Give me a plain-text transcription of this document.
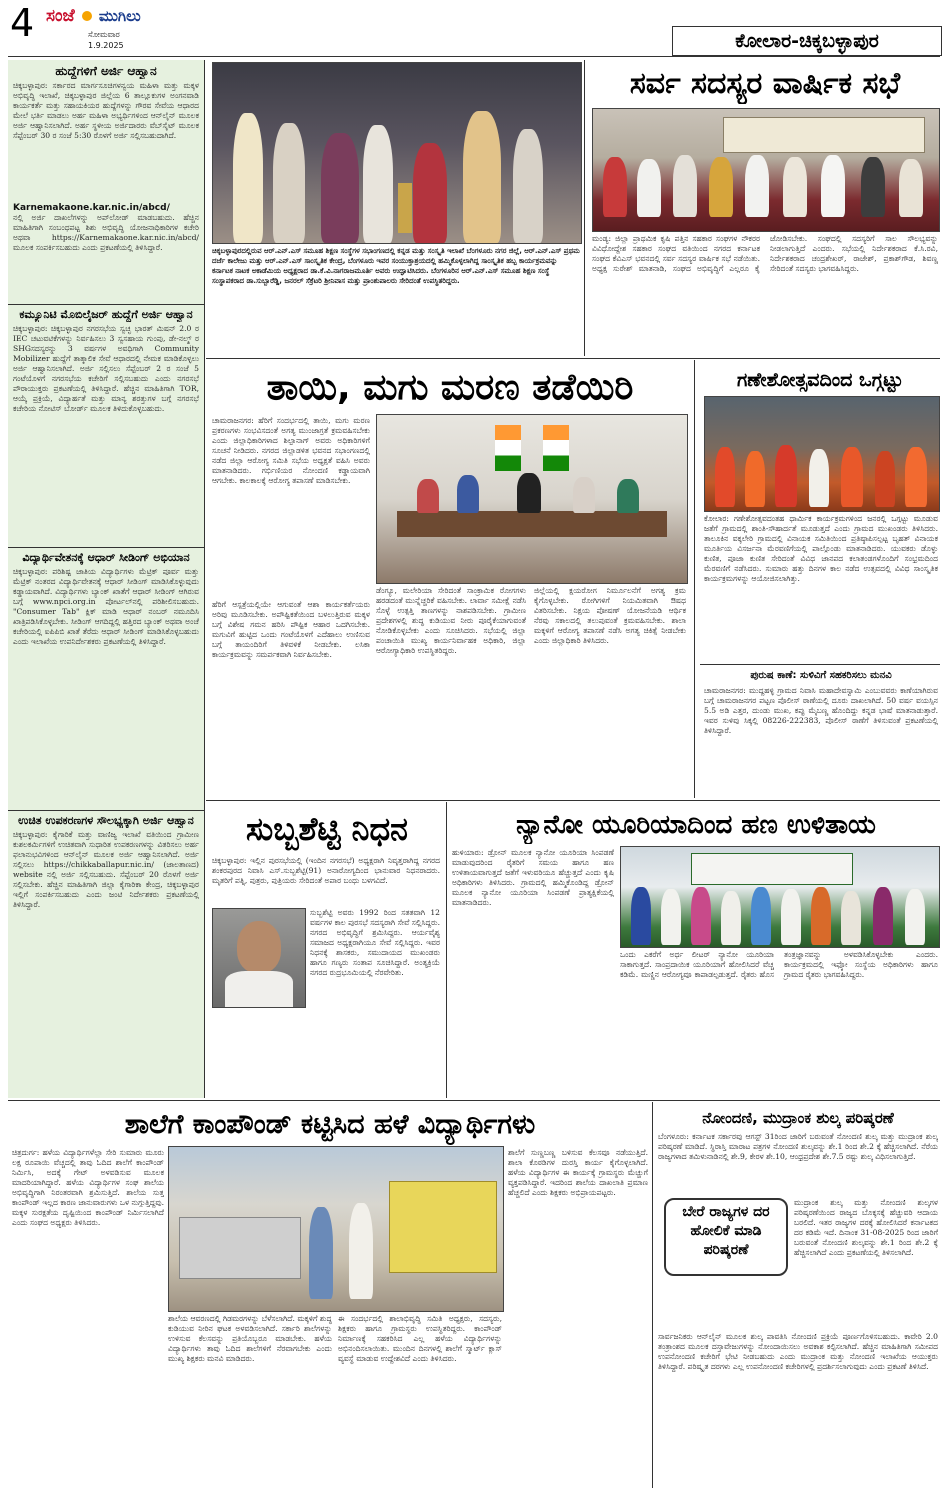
4 ಸಂಜೆ ಮುಗಿಲು
ಸೋಮವಾರ
1.9.2025	ಕೋಲಾರ-ಚಿಕ್ಕಬಳ್ಳಾಪುರ
ಹುದ್ದೆಗಳಿಗೆ ಅರ್ಜಿ ಆಹ್ವಾನ
ಚಿಕ್ಕಬಳ್ಳಾಪುರ: ಸರ್ಕಾರದ ಮಾರ್ಗಸೂಚಿಗಳನ್ವಯ ಮಹಿಳಾ ಮತ್ತು ಮಕ್ಕಳ ಅಭಿವೃದ್ಧಿ ಇಲಾಖೆ, ಚಿಕ್ಕಬಳ್ಳಾಪುರ ಜಿಲ್ಲೆಯ 6 ತಾಲ್ಲೂಕುಗಳ ಅಂಗನವಾಡಿ ಕಾರ್ಯಕರ್ತೆ ಮತ್ತು ಸಹಾಯಕಿಯರ ಹುದ್ದೆಗಳನ್ನು ಗೌರವ ಸೇವೆಯ ಆಧಾರದ ಮೇಲೆ ಭರ್ತಿ ಮಾಡಲು ಅರ್ಹ ಮಹಿಳಾ ಅಭ್ಯರ್ಥಿಗಳಿಂದ ಆನ್‌ಲೈನ್ ಮೂಲಕ ಅರ್ಜಿ ಆಹ್ವಾನಿಸಲಾಗಿದೆ. ಅರ್ಹ ಸ್ಥಳೀಯ ಅರ್ಜಿದಾರರು ವೆಬ್‌ಸೈಟ್ ಮೂಲಕ ಸೆಪ್ಟೆಂಬರ್ 30 ರ ಸಂಜೆ 5:30 ರೊಳಗೆ ಅರ್ಜಿ ಸಲ್ಲಿಸಬಹುದಾಗಿದೆ.
Karnemakaone.kar.nic.in/abcd/
ನಲ್ಲಿ ಅರ್ಜಿ ದಾಖಲೆಗಳನ್ನು ಅಪ್‌ಲೋಡ್ ಮಾಡಬಹುದು. ಹೆಚ್ಚಿನ ಮಾಹಿತಿಗಾಗಿ ಸಂಬಂಧಪಟ್ಟ ಶಿಶು ಅಭಿವೃದ್ಧಿ ಯೋಜನಾಧಿಕಾರಿಗಳ ಕಚೇರಿ ಅಥವಾ https://Karnemakaone.kar.nic.in/abcd/ ಮೂಲಕ ಸಂಪರ್ಕಿಸಬಹುದು ಎಂದು ಪ್ರಕಟಣೆಯಲ್ಲಿ ತಿಳಿಸಿದ್ದಾರೆ.
ಕಮ್ಯೂನಿಟಿ ಮೊಬಿಲೈಜರ್ ಹುದ್ದೆಗೆ ಅರ್ಜಿ ಆಹ್ವಾನ
ಚಿಕ್ಕಬಳ್ಳಾಪುರ: ಚಿಕ್ಕಬಳ್ಳಾಪುರ ನಗರಸಭೆಯ ಸ್ವಚ್ಛ ಭಾರತ್ ಮಿಷನ್ 2.0 ರ IEC ಚಟುವಟಿಕೆಗಳನ್ನು ನಿರ್ವಹಿಸಲು 3 ಸ್ವಸಹಾಯ ಗುಂಪು, ಡೇ-ನಲ್ಮ್ ರ SHGಸದಸ್ಯರನ್ನು 3 ವರ್ಷಗಳ ಅವಧಿಗಾಗಿ Community Mobilizer ಹುದ್ದೆಗೆ ತಾತ್ಕಾಲಿಕ ಸೇವೆ ಆಧಾರದಲ್ಲಿ ನೇಮಕ ಮಾಡಿಕೊಳ್ಳಲು ಅರ್ಜಿ ಆಹ್ವಾನಿಸಲಾಗಿದೆ. ಅರ್ಜಿ ಸಲ್ಲಿಸಲು ಸೆಪ್ಟೆಂಬರ್ 2 ರ ಸಂಜೆ 5 ಗಂಟೆಯೊಳಗೆ ನಗರಸಭೆಯ ಕಚೇರಿಗೆ ಸಲ್ಲಿಸಬಹುದು ಎಂದು ನಗರಸಭೆ ಪೌರಾಯುಕ್ತರು ಪ್ರಕಟಣೆಯಲ್ಲಿ ತಿಳಿಸಿದ್ದಾರೆ. ಹೆಚ್ಚಿನ ಮಾಹಿತಿಗಾಗಿ TOR, ಆಯ್ಕೆ ಪ್ರಕ್ರಿಯೆ, ವಿದ್ಯಾರ್ಹತೆ ಮತ್ತು ಮಾನ್ಯ ಶರತ್ತುಗಳ ಬಗ್ಗೆ ನಗರಸಭೆ ಕಚೇರಿಯ ನೋಟಿಸ್ ಬೋರ್ಡ್ ಮೂಲಕ ತಿಳಿದುಕೊಳ್ಳಬಹುದು.
ವಿದ್ಯಾರ್ಥಿವೇತನಕ್ಕೆ ಆಧಾರ್ ಸೀಡಿಂಗ್ ಅಭಿಯಾನ
ಚಿಕ್ಕಬಳ್ಳಾಪುರ: ಪರಿಶಿಷ್ಟ ಜಾತಿಯ ವಿದ್ಯಾರ್ಥಿಗಳು ಮೆಟ್ರಿಕ್ ಪೂರ್ವ ಮತ್ತು ಮೆಟ್ರಿಕ್ ನಂತರದ ವಿದ್ಯಾರ್ಥಿವೇತನಕ್ಕೆ ಆಧಾರ್ ಸೀಡಿಂಗ್ ಮಾಡಿಸಿಕೊಳ್ಳುವುದು ಕಡ್ಡಾಯವಾಗಿದೆ. ವಿದ್ಯಾರ್ಥಿಗಳು ಬ್ಯಾಂಕ್ ಖಾತೆಗೆ ಆಧಾರ್ ಸೀಡಿಂಗ್ ಆಗಿರುವ ಬಗ್ಗೆ www.npci.org.in ಪೋರ್ಟಲ್‌ನಲ್ಲಿ ಪರಿಶೀಲಿಸಬಹುದು. "Consumer Tab" ಕ್ಲಿಕ್ ಮಾಡಿ ಆಧಾರ್ ನಂಬರ್ ನಮೂದಿಸಿ ಖಾತ್ರಿಪಡಿಸಿಕೊಳ್ಳಬೇಕು. ಸೀಡಿಂಗ್ ಆಗದಿದ್ದಲ್ಲಿ ಹತ್ತಿರದ ಬ್ಯಾಂಕ್ ಅಥವಾ ಅಂಚೆ ಕಚೇರಿಯಲ್ಲಿ ಐಪಿಪಿಬಿ ಖಾತೆ ತೆರೆದು ಆಧಾರ್ ಸೀಡಿಂಗ್ ಮಾಡಿಸಿಕೊಳ್ಳಬಹುದು ಎಂದು ಇಲಾಖೆಯ ಉಪನಿರ್ದೇಶಕರು ಪ್ರಕಟಣೆಯಲ್ಲಿ ತಿಳಿಸಿದ್ದಾರೆ.
ಉಚಿತ ಉಪಕರಣಗಳ ಸೌಲಭ್ಯಕ್ಕಾಗಿ ಅರ್ಜಿ ಆಹ್ವಾನ
ಚಿಕ್ಕಬಳ್ಳಾಪುರ: ಕೈಗಾರಿಕೆ ಮತ್ತು ವಾಣಿಜ್ಯ ಇಲಾಖೆ ವತಿಯಿಂದ ಗ್ರಾಮೀಣ ಕುಶಲಕರ್ಮಿಗಳಿಗೆ ಉಚಿತವಾಗಿ ಸುಧಾರಿತ ಉಪಕರಣಗಳನ್ನು ವಿತರಿಸಲು ಅರ್ಹ ಫಲಾನುಭವಿಗಳಿಂದ ಆನ್‌ಲೈನ್ ಮೂಲಕ ಅರ್ಜಿ ಆಹ್ವಾನಿಸಲಾಗಿದೆ. ಅರ್ಜಿ ಸಲ್ಲಿಸಲು https://chikkaballapur.nic.in/ (ಜಾಲತಾಣದ) website ನಲ್ಲಿ ಅರ್ಜಿ ಸಲ್ಲಿಸಬಹುದು. ಸೆಪ್ಟೆಂಬರ್ 20 ರೊಳಗೆ ಅರ್ಜಿ ಸಲ್ಲಿಸಬೇಕು. ಹೆಚ್ಚಿನ ಮಾಹಿತಿಗಾಗಿ ಜಿಲ್ಲಾ ಕೈಗಾರಿಕಾ ಕೇಂದ್ರ, ಚಿಕ್ಕಬಳ್ಳಾಪುರ ಇಲ್ಲಿಗೆ ಸಂಪರ್ಕಿಸಬಹುದು ಎಂದು ಜಂಟಿ ನಿರ್ದೇಶಕರು ಪ್ರಕಟಣೆಯಲ್ಲಿ ತಿಳಿಸಿದ್ದಾರೆ.
ಚಿಕ್ಕಬಳ್ಳಾಪುರದಲ್ಲಿರುವ ಆರ್.ಎನ್.ಎಸ್ ಸಮೂಹ ಶಿಕ್ಷಣ ಸಂಸ್ಥೆಗಳ ಸಭಾಂಗಣದಲ್ಲಿ ಕನ್ನಡ ಮತ್ತು ಸಂಸ್ಕೃತಿ ಇಲಾಖೆ ಬೆಂಗಳೂರು ನಗರ ಜಿಲ್ಲೆ, ಆರ್.ಎನ್.ಎಸ್ ಪ್ರಥಮ ದರ್ಜೆ ಕಾಲೇಜು ಮತ್ತು ಆರ್.ಎನ್.ಎಸ್ ಸಾಂಸ್ಕೃತಿಕ ಕೇಂದ್ರ, ಬೆಂಗಳೂರು ಇವರ ಸಂಯುಕ್ತಾಶ್ರಯದಲ್ಲಿ ಹಮ್ಮಿಕೊಳ್ಳಲಾಗಿದ್ದ ಸಾಂಸ್ಕೃತಿಕ ಹಬ್ಬ ಕಾರ್ಯಕ್ರಮವನ್ನು ಕರ್ನಾಟಕ ನಾಟಕ ಅಕಾಡೆಮಿಯ ಅಧ್ಯಕ್ಷರಾದ ಡಾ.ಕೆ.ವಿ.ನಾಗರಾಜಮೂರ್ತಿ ಅವರು ಉದ್ಘಾಟಿಸಿದರು. ಬೆಂಗಳೂರಿನ ಆರ್.ಎನ್.ಎಸ್ ಸಮೂಹ ಶಿಕ್ಷಣ ಸಂಸ್ಥೆ ಸಂಸ್ಥಾಪಕರಾದ ಡಾ.ಸುಬ್ಬಾರೆಡ್ಡಿ, ಜನರಲ್ ಸೆಕ್ರೆಟರಿ ಶ್ರೀನಿವಾಸ ಮತ್ತು ಪ್ರಾಂಶುಪಾಲರು ಸೇರಿದಂತೆ ಉಪಸ್ಥಿತರಿದ್ದರು.
ಸರ್ವ ಸದಸ್ಯರ ವಾರ್ಷಿಕ ಸಭೆ
ಮಂಡ್ಯ: ಜಿಲ್ಲಾ ಪ್ರಾಥಮಿಕ ಕೃಷಿ ಪತ್ತಿನ ಸಹಕಾರ ಸಂಘಗಳ ನೌಕರರ ವಿವಿಧೋದ್ದೇಶ ಸಹಕಾರ ಸಂಘದ ವತಿಯಿಂದ ನಗರದ ಕರ್ನಾಟಕ ಸಂಘದ ಕೆವಿಎಸ್ ಭವನದಲ್ಲಿ ಸರ್ವ ಸದಸ್ಯರ ವಾರ್ಷಿಕ ಸಭೆ ನಡೆಯಿತು. ಅಧ್ಯಕ್ಷ ಸುರೇಶ್ ಮಾತನಾಡಿ, ಸಂಘದ ಅಭಿವೃದ್ಧಿಗೆ ಎಲ್ಲರೂ ಕೈ ಜೋಡಿಸಬೇಕು. ಸಂಘದಲ್ಲಿ ಸದಸ್ಯರಿಗೆ ಸಾಲ ಸೌಲಭ್ಯವನ್ನು ನೀಡಲಾಗುತ್ತಿದೆ ಎಂದರು. ಸಭೆಯಲ್ಲಿ ನಿರ್ದೇಶಕರಾದ ಕೆ.ಸಿ.ರವಿ, ನಿರ್ದೇಶಕರಾದ ಚಂದ್ರಶೇಖರ್, ರಾಜೇಶ್, ಪ್ರಕಾಶ್‌ಗೌಡ, ಶಿವಣ್ಣ ಸೇರಿದಂತೆ ಸದಸ್ಯರು ಭಾಗವಹಿಸಿದ್ದರು.
ತಾಯಿ, ಮಗು ಮರಣ ತಡೆಯಿರಿ
ಚಾಮರಾಜನಗರ: ಹೆರಿಗೆ ಸಂದರ್ಭದಲ್ಲಿ ತಾಯಿ, ಮಗು ಮರಣ ಪ್ರಕರಣಗಳು ಸಂಭವಿಸದಂತೆ ಅಗತ್ಯ ಮುಂಜಾಗ್ರತೆ ಕ್ರಮವಹಿಸಬೇಕು ಎಂದು ಜಿಲ್ಲಾಧಿಕಾರಿಗಳಾದ ಶಿಲ್ಪಾನಾಗ್ ಅವರು ಅಧಿಕಾರಿಗಳಿಗೆ ಸೂಚನೆ ನೀಡಿದರು. ನಗರದ ಜಿಲ್ಲಾಡಳಿತ ಭವನದ ಸಭಾಂಗಣದಲ್ಲಿ ನಡೆದ ಜಿಲ್ಲಾ ಆರೋಗ್ಯ ಸಮಿತಿ ಸಭೆಯ ಅಧ್ಯಕ್ಷತೆ ವಹಿಸಿ ಅವರು ಮಾತನಾಡಿದರು. ಗರ್ಭಿಣಿಯರ ನೋಂದಣಿ ಕಡ್ಡಾಯವಾಗಿ ಆಗಬೇಕು. ಕಾಲಕಾಲಕ್ಕೆ ಆರೋಗ್ಯ ತಪಾಸಣೆ ಮಾಡಿಸಬೇಕು.
ಹೆರಿಗೆ ಆಸ್ಪತ್ರೆಯಲ್ಲಿಯೇ ಆಗುವಂತೆ ಆಶಾ ಕಾರ್ಯಕರ್ತೆಯರು ಅರಿವು ಮೂಡಿಸಬೇಕು. ಅಪೌಷ್ಟಿಕತೆಯಿಂದ ಬಳಲುತ್ತಿರುವ ಮಕ್ಕಳ ಬಗ್ಗೆ ವಿಶೇಷ ಗಮನ ಹರಿಸಿ ಪೌಷ್ಟಿಕ ಆಹಾರ ಒದಗಿಸಬೇಕು. ಮಗುವಿಗೆ ಹುಟ್ಟಿದ ಒಂದು ಗಂಟೆಯೊಳಗೆ ಎದೆಹಾಲು ಉಣಿಸುವ ಬಗ್ಗೆ ತಾಯಂದಿರಿಗೆ ತಿಳಿವಳಿಕೆ ನೀಡಬೇಕು. ಲಸಿಕಾ ಕಾರ್ಯಕ್ರಮವನ್ನು ಸಮರ್ಪಕವಾಗಿ ನಿರ್ವಹಿಸಬೇಕು.
ಡೆಂಗ್ಯೂ, ಮಲೇರಿಯಾ ಸೇರಿದಂತೆ ಸಾಂಕ್ರಾಮಿಕ ರೋಗಗಳು ಹರಡದಂತೆ ಮುನ್ನೆಚ್ಚರಿಕೆ ವಹಿಸಬೇಕು. ಲಾರ್ವಾ ಸಮೀಕ್ಷೆ ನಡೆಸಿ ಸೊಳ್ಳೆ ಉತ್ಪತ್ತಿ ತಾಣಗಳನ್ನು ನಾಶಪಡಿಸಬೇಕು. ಗ್ರಾಮೀಣ ಪ್ರದೇಶಗಳಲ್ಲಿ ಶುದ್ಧ ಕುಡಿಯುವ ನೀರು ಪೂರೈಕೆಯಾಗುವಂತೆ ನೋಡಿಕೊಳ್ಳಬೇಕು ಎಂದು ಸೂಚಿಸಿದರು. ಸಭೆಯಲ್ಲಿ ಜಿಲ್ಲಾ ಪಂಚಾಯಿತಿ ಮುಖ್ಯ ಕಾರ್ಯನಿರ್ವಾಹಕ ಅಧಿಕಾರಿ, ಜಿಲ್ಲಾ ಆರೋಗ್ಯಾಧಿಕಾರಿ ಉಪಸ್ಥಿತರಿದ್ದರು.
ಜಿಲ್ಲೆಯಲ್ಲಿ ಕ್ಷಯರೋಗ ನಿರ್ಮೂಲನೆಗೆ ಅಗತ್ಯ ಕ್ರಮ ಕೈಗೊಳ್ಳಬೇಕು. ರೋಗಿಗಳಿಗೆ ನಿಯಮಿತವಾಗಿ ಔಷಧ ವಿತರಿಸಬೇಕು. ನಿಕ್ಷಯ ಪೋಷಣ್ ಯೋಜನೆಯಡಿ ಆರ್ಥಿಕ ನೆರವು ಸಕಾಲದಲ್ಲಿ ತಲುಪುವಂತೆ ಕ್ರಮವಹಿಸಬೇಕು. ಶಾಲಾ ಮಕ್ಕಳಿಗೆ ಆರೋಗ್ಯ ತಪಾಸಣೆ ನಡೆಸಿ ಅಗತ್ಯ ಚಿಕಿತ್ಸೆ ನೀಡಬೇಕು ಎಂದು ಜಿಲ್ಲಾಧಿಕಾರಿ ತಿಳಿಸಿದರು.
ಗಣೇಶೋತ್ಸವದಿಂದ ಒಗ್ಗಟ್ಟು
ಕೋಲಾರ: ಗಣೇಶೋತ್ಸವದಂತಹ ಧಾರ್ಮಿಕ ಕಾರ್ಯಕ್ರಮಗಳಿಂದ ಜನರಲ್ಲಿ ಒಗ್ಗಟ್ಟು ಮೂಡುವ ಜತೆಗೆ ಗ್ರಾಮದಲ್ಲಿ ಶಾಂತಿ-ಸೌಹಾರ್ದತೆ ಮೂಡುತ್ತದೆ ಎಂದು ಗ್ರಾಮದ ಮುಖಂಡರು ತಿಳಿಸಿದರು. ತಾಲೂಕಿನ ವಕ್ಕಲೇರಿ ಗ್ರಾಮದಲ್ಲಿ ವಿನಾಯಕ ಸಮಿತಿಯಿಂದ ಪ್ರತಿಷ್ಠಾಪಿಸಲ್ಪಟ್ಟ ಬೃಹತ್ ವಿನಾಯಕ ಮೂರ್ತಿಯ ವಿಸರ್ಜನಾ ಮೆರವಣಿಗೆಯಲ್ಲಿ ಪಾಲ್ಗೊಂಡು ಮಾತನಾಡಿದರು. ಯುವಕರು ಡೊಳ್ಳು ಕುಣಿತ, ಪೂಜಾ ಕುಣಿತ ಸೇರಿದಂತೆ ವಿವಿಧ ಜಾನಪದ ಕಲಾತಂಡಗಳೊಂದಿಗೆ ಸಂಭ್ರಮದಿಂದ ಮೆರವಣಿಗೆ ನಡೆಸಿದರು. ಸುಮಾರು ಹತ್ತು ದಿನಗಳ ಕಾಲ ನಡೆದ ಉತ್ಸವದಲ್ಲಿ ವಿವಿಧ ಸಾಂಸ್ಕೃತಿಕ ಕಾರ್ಯಕ್ರಮಗಳನ್ನು ಆಯೋಜಿಸಲಾಗಿತ್ತು.
ಪುರುಷ ಕಾಣೆ: ಸುಳಿವಿಗೆ ಸಹಕರಿಸಲು ಮನವಿ
ಚಾಮರಾಜನಗರ: ಮುದ್ದಹಳ್ಳಿ ಗ್ರಾಮದ ನಿವಾಸಿ ಮಹಾದೇವಸ್ವಾಮಿ ಎಂಬುವವರು ಕಾಣೆಯಾಗಿರುವ ಬಗ್ಗೆ ಚಾಮರಾಜನಗರ ಪಟ್ಟಣ ಪೊಲೀಸ್ ಠಾಣೆಯಲ್ಲಿ ದೂರು ದಾಖಲಾಗಿದೆ. 50 ವರ್ಷ ವಯಸ್ಸಿನ 5.5 ಅಡಿ ಎತ್ತರ, ದುಂಡು ಮುಖ, ಕಪ್ಪು ಮೈಬಣ್ಣ ಹೊಂದಿದ್ದು ಕನ್ನಡ ಭಾಷೆ ಮಾತನಾಡುತ್ತಾರೆ. ಇವರ ಸುಳಿವು ಸಿಕ್ಕಲ್ಲಿ 08226-222383, ಪೊಲೀಸ್ ಠಾಣೆಗೆ ತಿಳಿಸುವಂತೆ ಪ್ರಕಟಣೆಯಲ್ಲಿ ತಿಳಿಸಿದ್ದಾರೆ.
ಸುಬ್ಬಶೆಟ್ಟಿ ನಿಧನ
ಚಿಕ್ಕಬಳ್ಳಾಪುರ: ಇಲ್ಲಿನ ಪುರಸಭೆಯಲ್ಲಿ (ಇಂದಿನ ನಗರಸಭೆ) ಅಧ್ಯಕ್ಷರಾಗಿ ನಿವೃತ್ತರಾಗಿದ್ದ ನಗರದ ಶಂಕರಪುರದ ನಿವಾಸಿ ಎಸ್.ಸುಬ್ಬಶೆಟ್ಟಿ(91) ಅನಾರೋಗ್ಯದಿಂದ ಭಾನುವಾರ ನಿಧನರಾದರು. ಮೃತರಿಗೆ ಪತ್ನಿ, ಪುತ್ರರು, ಪುತ್ರಿಯರು ಸೇರಿದಂತೆ ಅಪಾರ ಬಂಧು ಬಳಗವಿದೆ.
ಸುಬ್ಬಶೆಟ್ಟಿ ಅವರು 1992 ರಿಂದ ಸತತವಾಗಿ 12 ವರ್ಷಗಳ ಕಾಲ ಪುರಸಭೆ ಸದಸ್ಯರಾಗಿ ಸೇವೆ ಸಲ್ಲಿಸಿದ್ದರು. ನಗರದ ಅಭಿವೃದ್ಧಿಗೆ ಶ್ರಮಿಸಿದ್ದರು. ಆರ್ಯವೈಶ್ಯ ಸಮಾಜದ ಅಧ್ಯಕ್ಷರಾಗಿಯೂ ಸೇವೆ ಸಲ್ಲಿಸಿದ್ದರು. ಇವರ ನಿಧನಕ್ಕೆ ಶಾಸಕರು, ಸಮುದಾಯದ ಮುಖಂಡರು ಹಾಗೂ ಗಣ್ಯರು ಸಂತಾಪ ಸೂಚಿಸಿದ್ದಾರೆ. ಅಂತ್ಯಕ್ರಿಯೆ ನಗರದ ರುದ್ರಭೂಮಿಯಲ್ಲಿ ನೆರವೇರಿತು.
ನ್ಯಾನೋ ಯೂರಿಯಾದಿಂದ ಹಣ ಉಳಿತಾಯ
ಹುಳಿಯಾರು: ಡ್ರೋನ್ ಮೂಲಕ ನ್ಯಾನೋ ಯೂರಿಯಾ ಸಿಂಪಡಣೆ ಮಾಡುವುದರಿಂದ ರೈತರಿಗೆ ಸಮಯ ಹಾಗೂ ಹಣ ಉಳಿತಾಯವಾಗುತ್ತದೆ ಜತೆಗೆ ಇಳುವರಿಯೂ ಹೆಚ್ಚುತ್ತದೆ ಎಂದು ಕೃಷಿ ಅಧಿಕಾರಿಗಳು ತಿಳಿಸಿದರು. ಗ್ರಾಮದಲ್ಲಿ ಹಮ್ಮಿಕೊಂಡಿದ್ದ ಡ್ರೋನ್ ಮೂಲಕ ನ್ಯಾನೋ ಯೂರಿಯಾ ಸಿಂಪಡಣೆ ಪ್ರಾತ್ಯಕ್ಷಿಕೆಯಲ್ಲಿ ಮಾತನಾಡಿದರು.
ಒಂದು ಎಕರೆಗೆ ಅರ್ಧ ಲೀಟರ್ ನ್ಯಾನೋ ಯೂರಿಯಾ ಸಾಕಾಗುತ್ತದೆ. ಸಾಂಪ್ರದಾಯಿಕ ಯೂರಿಯಾಗೆ ಹೋಲಿಸಿದರೆ ವೆಚ್ಚ ಕಡಿಮೆ. ಮಣ್ಣಿನ ಆರೋಗ್ಯವೂ ಕಾಪಾಡಲ್ಪಡುತ್ತದೆ. ರೈತರು ಹೊಸ ತಂತ್ರಜ್ಞಾನವನ್ನು ಅಳವಡಿಸಿಕೊಳ್ಳಬೇಕು ಎಂದರು. ಕಾರ್ಯಕ್ರಮದಲ್ಲಿ ಇಫ್ಕೋ ಸಂಸ್ಥೆಯ ಅಧಿಕಾರಿಗಳು ಹಾಗೂ ಗ್ರಾಮದ ರೈತರು ಭಾಗವಹಿಸಿದ್ದರು.
ಶಾಲೆಗೆ ಕಾಂಪೌಂಡ್ ಕಟ್ಟಿಸಿದ ಹಳೆ ವಿದ್ಯಾರ್ಥಿಗಳು
ಚಿತ್ರದುರ್ಗ: ಹಳೆಯ ವಿದ್ಯಾರ್ಥಿಗಳೆಲ್ಲಾ ಸೇರಿ ಸುಮಾರು ಮೂರು ಲಕ್ಷ ರೂಪಾಯಿ ವೆಚ್ಚದಲ್ಲಿ ತಾವು ಓದಿದ ಶಾಲೆಗೆ ಕಾಂಪೌಂಡ್ ನಿರ್ಮಿಸಿ, ಅದಕ್ಕೆ ಗೇಟ್ ಅಳವಡಿಸುವ ಮೂಲಕ ಮಾದರಿಯಾಗಿದ್ದಾರೆ. ಹಳೆಯ ವಿದ್ಯಾರ್ಥಿಗಳ ಸಂಘ ಶಾಲೆಯ ಅಭಿವೃದ್ಧಿಗಾಗಿ ನಿರಂತರವಾಗಿ ಶ್ರಮಿಸುತ್ತಿದೆ. ಶಾಲೆಯ ಸುತ್ತ ಕಾಂಪೌಂಡ್ ಇಲ್ಲದ ಕಾರಣ ಜಾನುವಾರುಗಳು ಒಳ ನುಗ್ಗುತ್ತಿದ್ದವು. ಮಕ್ಕಳ ಸುರಕ್ಷತೆಯ ದೃಷ್ಟಿಯಿಂದ ಕಾಂಪೌಂಡ್ ನಿರ್ಮಿಸಲಾಗಿದೆ ಎಂದು ಸಂಘದ ಅಧ್ಯಕ್ಷರು ತಿಳಿಸಿದರು.
ಶಾಲೆಯ ಆವರಣದಲ್ಲಿ ಗಿಡಮರಗಳನ್ನು ಬೆಳೆಸಲಾಗಿದೆ. ಮಕ್ಕಳಿಗೆ ಶುದ್ಧ ಕುಡಿಯುವ ನೀರಿನ ಘಟಕ ಅಳವಡಿಸಲಾಗಿದೆ. ಸರ್ಕಾರಿ ಶಾಲೆಗಳನ್ನು ಉಳಿಸುವ ಕೆಲಸವನ್ನು ಪ್ರತಿಯೊಬ್ಬರೂ ಮಾಡಬೇಕು. ಹಳೆಯ ವಿದ್ಯಾರ್ಥಿಗಳು ತಾವು ಓದಿದ ಶಾಲೆಗಳಿಗೆ ನೆರವಾಗಬೇಕು ಎಂದು ಮುಖ್ಯ ಶಿಕ್ಷಕರು ಮನವಿ ಮಾಡಿದರು.
ಈ ಸಂದರ್ಭದಲ್ಲಿ ಶಾಲಾಭಿವೃದ್ಧಿ ಸಮಿತಿ ಅಧ್ಯಕ್ಷರು, ಸದಸ್ಯರು, ಶಿಕ್ಷಕರು ಹಾಗೂ ಗ್ರಾಮಸ್ಥರು ಉಪಸ್ಥಿತರಿದ್ದರು. ಕಾಂಪೌಂಡ್ ನಿರ್ಮಾಣಕ್ಕೆ ಸಹಕರಿಸಿದ ಎಲ್ಲ ಹಳೆಯ ವಿದ್ಯಾರ್ಥಿಗಳನ್ನು ಅಭಿನಂದಿಸಲಾಯಿತು. ಮುಂದಿನ ದಿನಗಳಲ್ಲಿ ಶಾಲೆಗೆ ಸ್ಮಾರ್ಟ್ ಕ್ಲಾಸ್ ವ್ಯವಸ್ಥೆ ಮಾಡುವ ಉದ್ದೇಶವಿದೆ ಎಂದು ತಿಳಿಸಿದರು.
ಶಾಲೆಗೆ ಸುಣ್ಣಬಣ್ಣ ಬಳಿಸುವ ಕೆಲಸವೂ ನಡೆಯುತ್ತಿದೆ. ಶಾಲಾ ಕೊಠಡಿಗಳ ದುರಸ್ತಿ ಕಾರ್ಯ ಕೈಗೊಳ್ಳಲಾಗಿದೆ. ಹಳೆಯ ವಿದ್ಯಾರ್ಥಿಗಳ ಈ ಕಾರ್ಯಕ್ಕೆ ಗ್ರಾಮಸ್ಥರು ಮೆಚ್ಚುಗೆ ವ್ಯಕ್ತಪಡಿಸಿದ್ದಾರೆ. ಇದರಿಂದ ಶಾಲೆಯ ದಾಖಲಾತಿ ಪ್ರಮಾಣ ಹೆಚ್ಚಲಿದೆ ಎಂದು ಶಿಕ್ಷಕರು ಅಭಿಪ್ರಾಯಪಟ್ಟರು.
ನೋಂದಣಿ, ಮುದ್ರಾಂಕ ಶುಲ್ಕ ಪರಿಷ್ಕರಣೆ
ಬೆಂಗಳೂರು: ಕರ್ನಾಟಕ ಸರ್ಕಾರವು ಆಗಸ್ಟ್ 31ರಿಂದ ಜಾರಿಗೆ ಬರುವಂತೆ ನೋಂದಣಿ ಶುಲ್ಕ ಮತ್ತು ಮುದ್ರಾಂಕ ಶುಲ್ಕ ಪರಿಷ್ಕರಣೆ ಮಾಡಿದೆ. ಸ್ಥಿರಾಸ್ತಿ ಮಾರಾಟ ಪತ್ರಗಳ ನೋಂದಣಿ ಶುಲ್ಕವನ್ನು ಶೇ.1 ರಿಂದ ಶೇ.2 ಕ್ಕೆ ಹೆಚ್ಚಿಸಲಾಗಿದೆ. ನೆರೆಯ ರಾಜ್ಯಗಳಾದ ತಮಿಳುನಾಡಿನಲ್ಲಿ ಶೇ.9, ಕೇರಳ ಶೇ.10, ಆಂಧ್ರಪ್ರದೇಶ ಶೇ.7.5 ರಷ್ಟು ಶುಲ್ಕ ವಿಧಿಸಲಾಗುತ್ತಿದೆ.
ಬೇರೆ ರಾಜ್ಯಗಳ ದರ ಹೋಲಿಕೆ ಮಾಡಿ ಪರಿಷ್ಕರಣೆ
ಮುದ್ರಾಂಕ ಶುಲ್ಕ ಮತ್ತು ನೋಂದಣಿ ಶುಲ್ಕಗಳ ಪರಿಷ್ಕರಣೆಯಿಂದ ರಾಜ್ಯದ ಬೊಕ್ಕಸಕ್ಕೆ ಹೆಚ್ಚುವರಿ ಆದಾಯ ಬರಲಿದೆ. ಇತರ ರಾಜ್ಯಗಳ ದರಕ್ಕೆ ಹೋಲಿಸಿದರೆ ಕರ್ನಾಟಕದ ದರ ಕಡಿಮೆ ಇದೆ. ದಿನಾಂಕ 31-08-2025 ರಿಂದ ಜಾರಿಗೆ ಬರುವಂತೆ ನೋಂದಣಿ ಶುಲ್ಕವನ್ನು ಶೇ.1 ರಿಂದ ಶೇ.2 ಕ್ಕೆ ಹೆಚ್ಚಿಸಲಾಗಿದೆ ಎಂದು ಪ್ರಕಟಣೆಯಲ್ಲಿ ತಿಳಿಸಲಾಗಿದೆ.
ಸಾರ್ವಜನಿಕರು ಆನ್‌ಲೈನ್ ಮೂಲಕ ಶುಲ್ಕ ಪಾವತಿಸಿ ನೋಂದಣಿ ಪ್ರಕ್ರಿಯೆ ಪೂರ್ಣಗೊಳಿಸಬಹುದು. ಕಾವೇರಿ 2.0 ತಂತ್ರಾಂಶದ ಮೂಲಕ ದಸ್ತಾವೇಜುಗಳನ್ನು ನೋಂದಾಯಿಸಲು ಅವಕಾಶ ಕಲ್ಪಿಸಲಾಗಿದೆ. ಹೆಚ್ಚಿನ ಮಾಹಿತಿಗಾಗಿ ಸಮೀಪದ ಉಪನೋಂದಣಿ ಕಚೇರಿಗೆ ಭೇಟಿ ನೀಡಬಹುದು ಎಂದು ಮುದ್ರಾಂಕ ಮತ್ತು ನೋಂದಣಿ ಇಲಾಖೆಯ ಆಯುಕ್ತರು ತಿಳಿಸಿದ್ದಾರೆ. ಪರಿಷ್ಕೃತ ದರಗಳು ಎಲ್ಲ ಉಪನೋಂದಣಿ ಕಚೇರಿಗಳಲ್ಲಿ ಪ್ರದರ್ಶಿಸಲಾಗುವುದು ಎಂದು ಪ್ರಕಟಣೆ ತಿಳಿಸಿದೆ.
